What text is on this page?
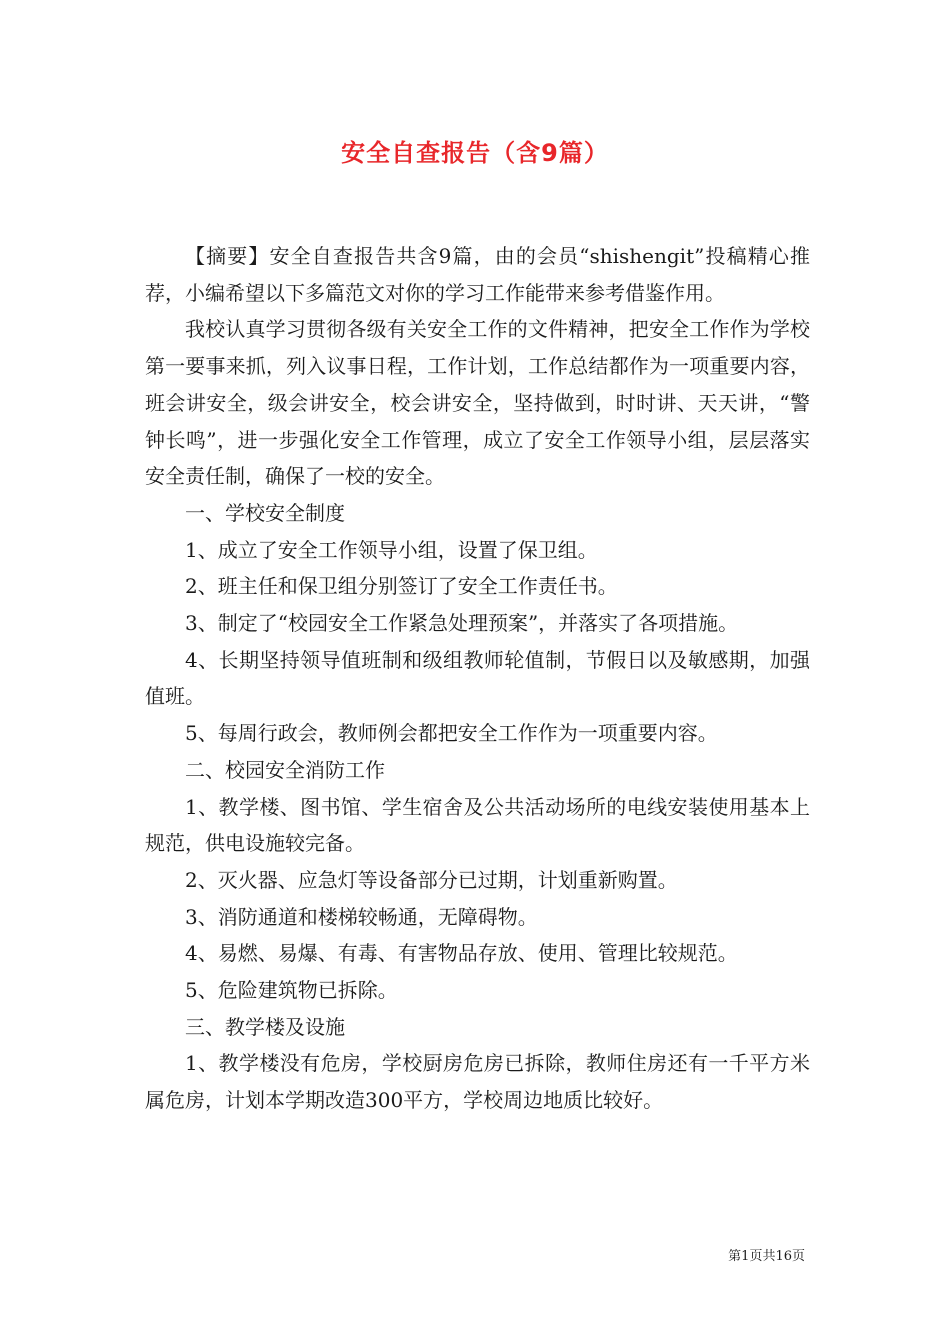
安全自查报告（含9篇）

【摘要】安全自查报告共含9篇，由的会员“shishengit”投稿精心推荐，小编希望以下多篇范文对你的学习工作能带来参考借鉴作用。

我校认真学习贯彻各级有关安全工作的文件精神，把安全工作作为学校第一要事来抓，列入议事日程，工作计划，工作总结都作为一项重要内容，班会讲安全，级会讲安全，校会讲安全，坚持做到，时时讲、天天讲，“警钟长鸣”，进一步强化安全工作管理，成立了安全工作领导小组，层层落实安全责任制，确保了一校的安全。

一、学校安全制度

1、成立了安全工作领导小组，设置了保卫组。

2、班主任和保卫组分别签订了安全工作责任书。

3、制定了“校园安全工作紧急处理预案”，并落实了各项措施。

4、长期坚持领导值班制和级组教师轮值制，节假日以及敏感期，加强值班。

5、每周行政会，教师例会都把安全工作作为一项重要内容。

二、校园安全消防工作

1、教学楼、图书馆、学生宿舍及公共活动场所的电线安装使用基本上规范，供电设施较完备。

2、灭火器、应急灯等设备部分已过期，计划重新购置。

3、消防通道和楼梯较畅通，无障碍物。

4、易燃、易爆、有毒、有害物品存放、使用、管理比较规范。

5、危险建筑物已拆除。

三、教学楼及设施

1、教学楼没有危房，学校厨房危房已拆除，教师住房还有一千平方米属危房，计划本学期改造300平方，学校周边地质比较好。

第1页共16页
